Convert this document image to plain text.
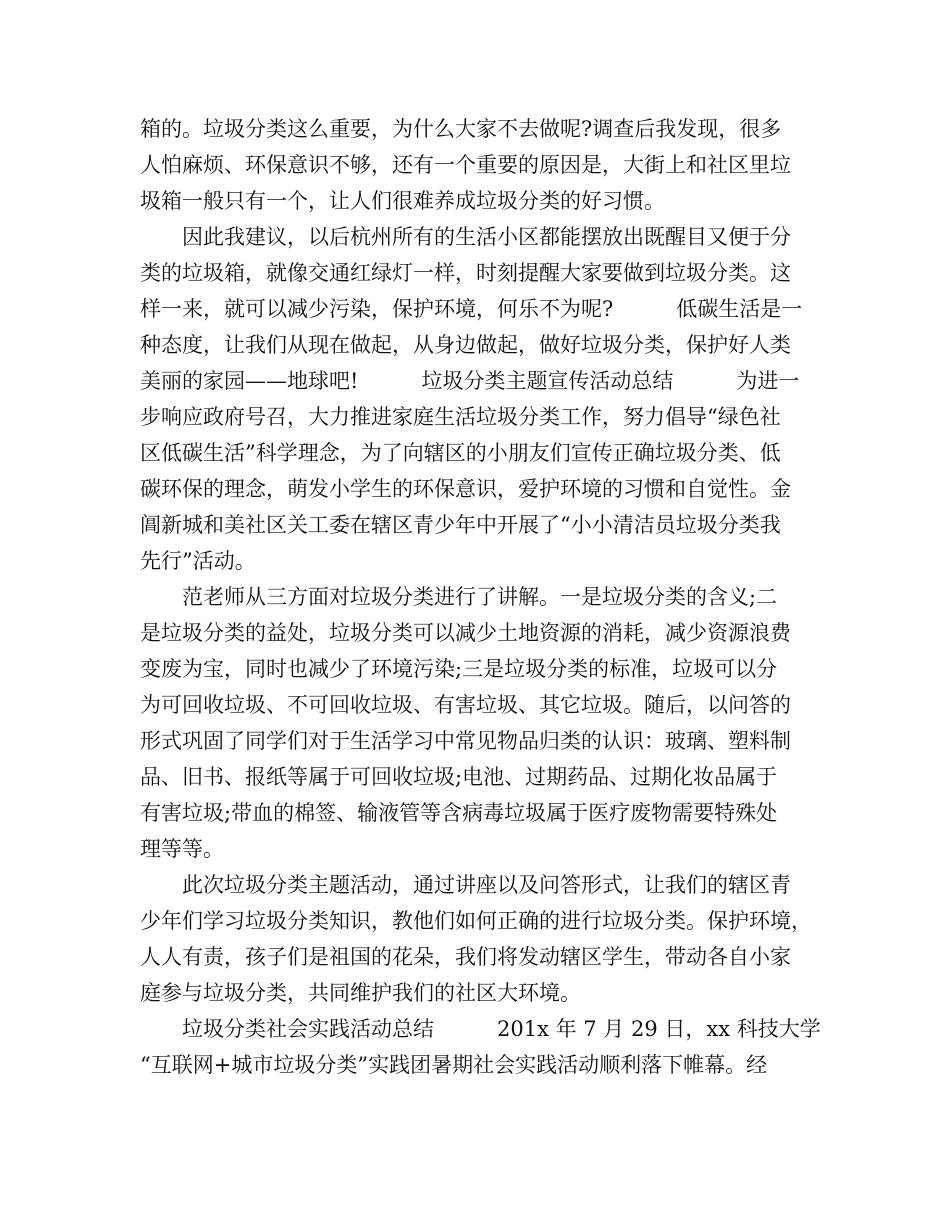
箱的。垃圾分类这么重要，为什么大家不去做呢?调查后我发现，很多
人怕麻烦、环保意识不够，还有一个重要的原因是，大街上和社区里垃
圾箱一般只有一个，让人们很难养成垃圾分类的好习惯。

因此我建议，以后杭州所有的生活小区都能摆放出既醒目又便于分
类的垃圾箱，就像交通红绿灯一样，时刻提醒大家要做到垃圾分类。这
样一来，就可以减少污染，保护环境，何乐不为呢?　　　低碳生活是一
种态度，让我们从现在做起，从身边做起，做好垃圾分类，保护好人类
美丽的家园——地球吧!　　　垃圾分类主题宣传活动总结　　　为进一
步响应政府号召，大力推进家庭生活垃圾分类工作，努力倡导“绿色社
区低碳生活”科学理念，为了向辖区的小朋友们宣传正确垃圾分类、低
碳环保的理念，萌发小学生的环保意识，爱护环境的习惯和自觉性。金
阊新城和美社区关工委在辖区青少年中开展了“小小清洁员垃圾分类我
先行”活动。

范老师从三方面对垃圾分类进行了讲解。一是垃圾分类的含义;二
是垃圾分类的益处，垃圾分类可以减少土地资源的消耗，减少资源浪费
变废为宝，同时也减少了环境污染;三是垃圾分类的标准，垃圾可以分
为可回收垃圾、不可回收垃圾、有害垃圾、其它垃圾。随后，以问答的
形式巩固了同学们对于生活学习中常见物品归类的认识：玻璃、塑料制
品、旧书、报纸等属于可回收垃圾;电池、过期药品、过期化妆品属于
有害垃圾;带血的棉签、输液管等含病毒垃圾属于医疗废物需要特殊处
理等等。

此次垃圾分类主题活动，通过讲座以及问答形式，让我们的辖区青
少年们学习垃圾分类知识，教他们如何正确的进行垃圾分类。保护环境，
人人有责，孩子们是祖国的花朵，我们将发动辖区学生，带动各自小家
庭参与垃圾分类，共同维护我们的社区大环境。

垃圾分类社会实践活动总结　　　201x 年 7 月 29 日，xx 科技大学
“互联网+城市垃圾分类”实践团暑期社会实践活动顺利落下帷幕。经
